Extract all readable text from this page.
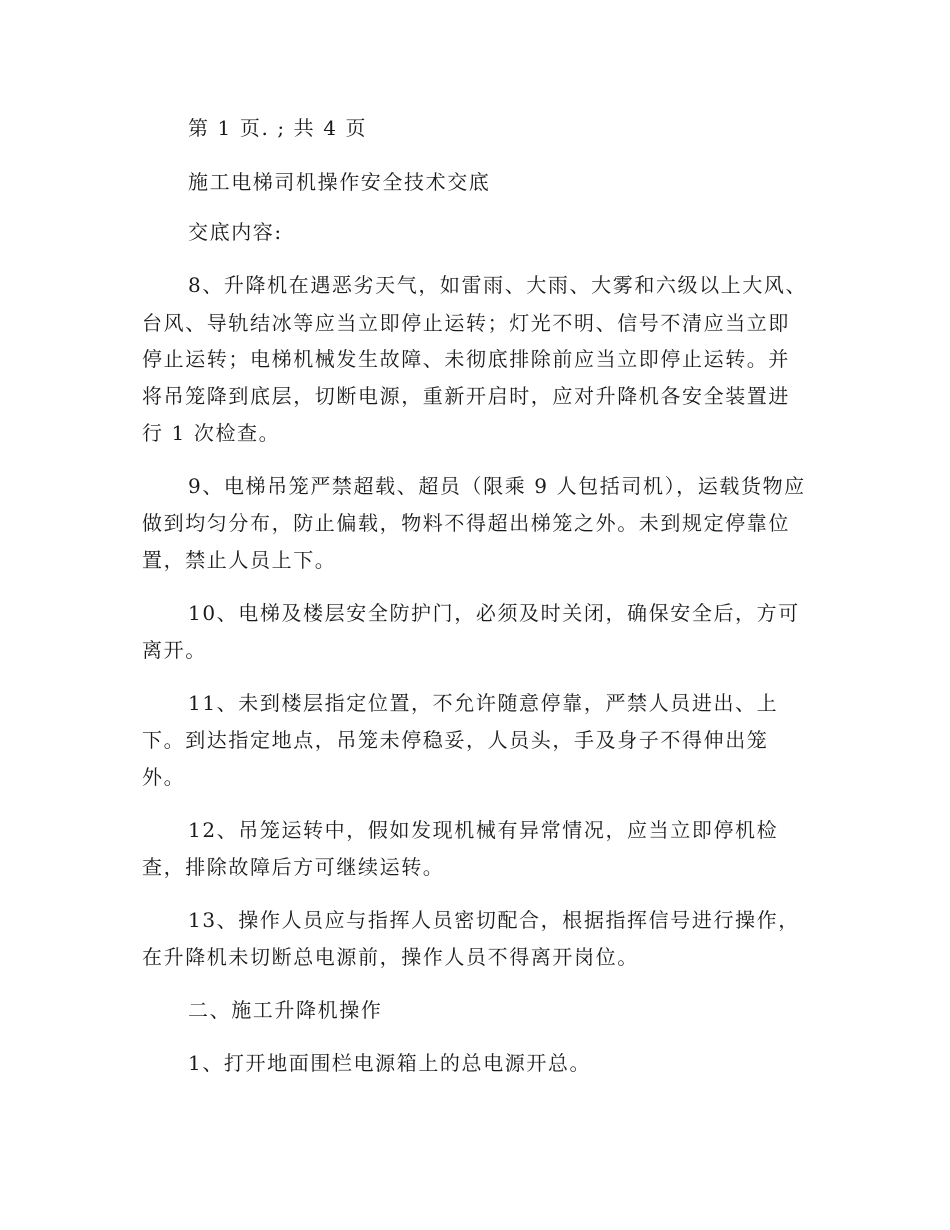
第 1 页. ; 共 4 页
施工电梯司机操作安全技术交底
交底内容:
8、升降机在遇恶劣天气，如雷雨、大雨、大雾和六级以上大风、
台风、导轨结冰等应当立即停止运转；灯光不明、信号不清应当立即
停止运转；电梯机械发生故障、未彻底排除前应当立即停止运转。并
将吊笼降到底层，切断电源，重新开启时，应对升降机各安全装置进
行 1 次检查。
9、电梯吊笼严禁超载、超员（限乘 9 人包括司机），运载货物应
做到均匀分布，防止偏载，物料不得超出梯笼之外。未到规定停靠位
置，禁止人员上下。
10、电梯及楼层安全防护门，必须及时关闭，确保安全后，方可
离开。
11、未到楼层指定位置，不允许随意停靠，严禁人员进出、上
下。到达指定地点，吊笼未停稳妥，人员头，手及身子不得伸出笼
外。
12、吊笼运转中，假如发现机械有异常情况，应当立即停机检
查，排除故障后方可继续运转。
13、操作人员应与指挥人员密切配合，根据指挥信号进行操作，
在升降机未切断总电源前，操作人员不得离开岗位。
二、施工升降机操作
1、打开地面围栏电源箱上的总电源开总。
